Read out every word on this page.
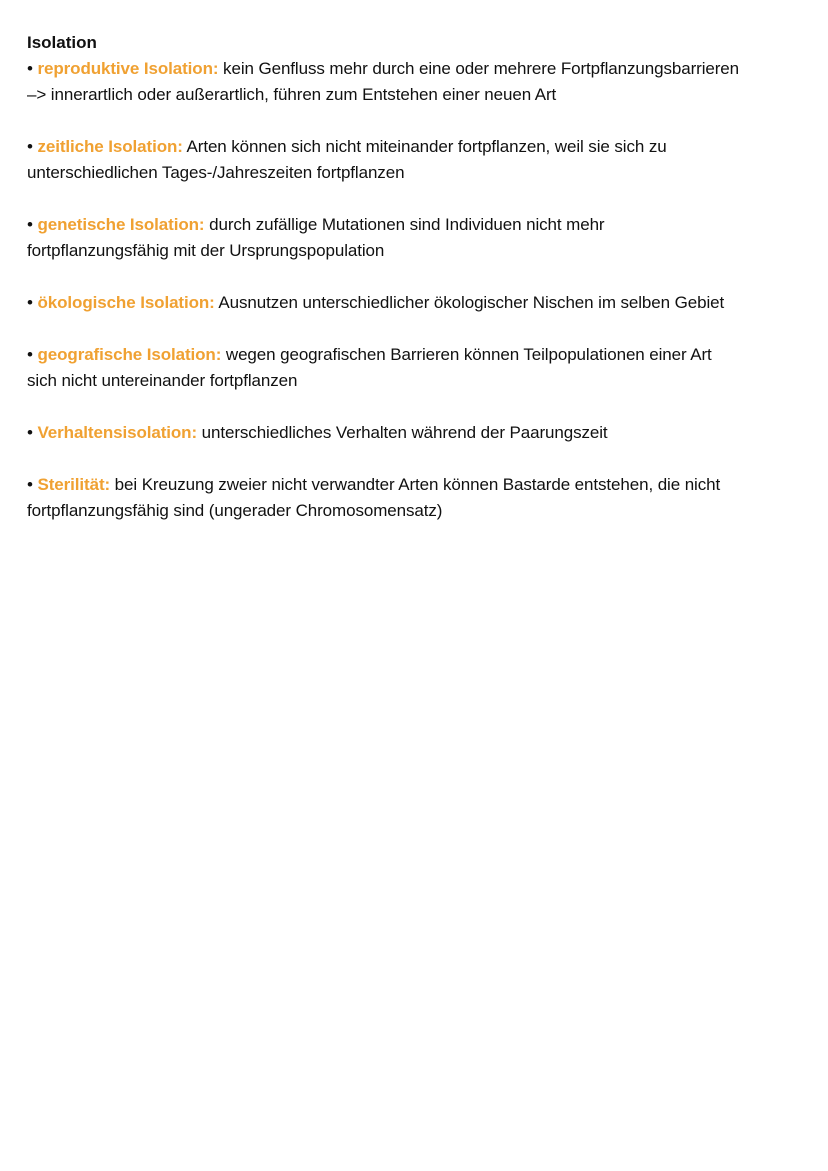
Isolation

• reproduktive Isolation: kein Genfluss mehr durch eine oder mehrere Fortpflanzungsbarrieren
–> innerartlich oder außerartlich, führen zum Entstehen einer neuen Art

• zeitliche Isolation: Arten können sich nicht miteinander fortpflanzen, weil sie sich zu
unterschiedlichen Tages-/Jahreszeiten fortpflanzen

• genetische Isolation: durch zufällige Mutationen sind Individuen nicht mehr
fortpflanzungsfähig mit der Ursprungspopulation

• ökologische Isolation: Ausnutzen unterschiedlicher ökologischer Nischen im selben Gebiet

• geografische Isolation: wegen geografischen Barrieren können Teilpopulationen einer Art
sich nicht untereinander fortpflanzen

• Verhaltensisolation: unterschiedliches Verhalten während der Paarungszeit

• Sterilität: bei Kreuzung zweier nicht verwandter Arten können Bastarde entstehen, die nicht
fortpflanzungsfähig sind (ungerader Chromosomensatz)
